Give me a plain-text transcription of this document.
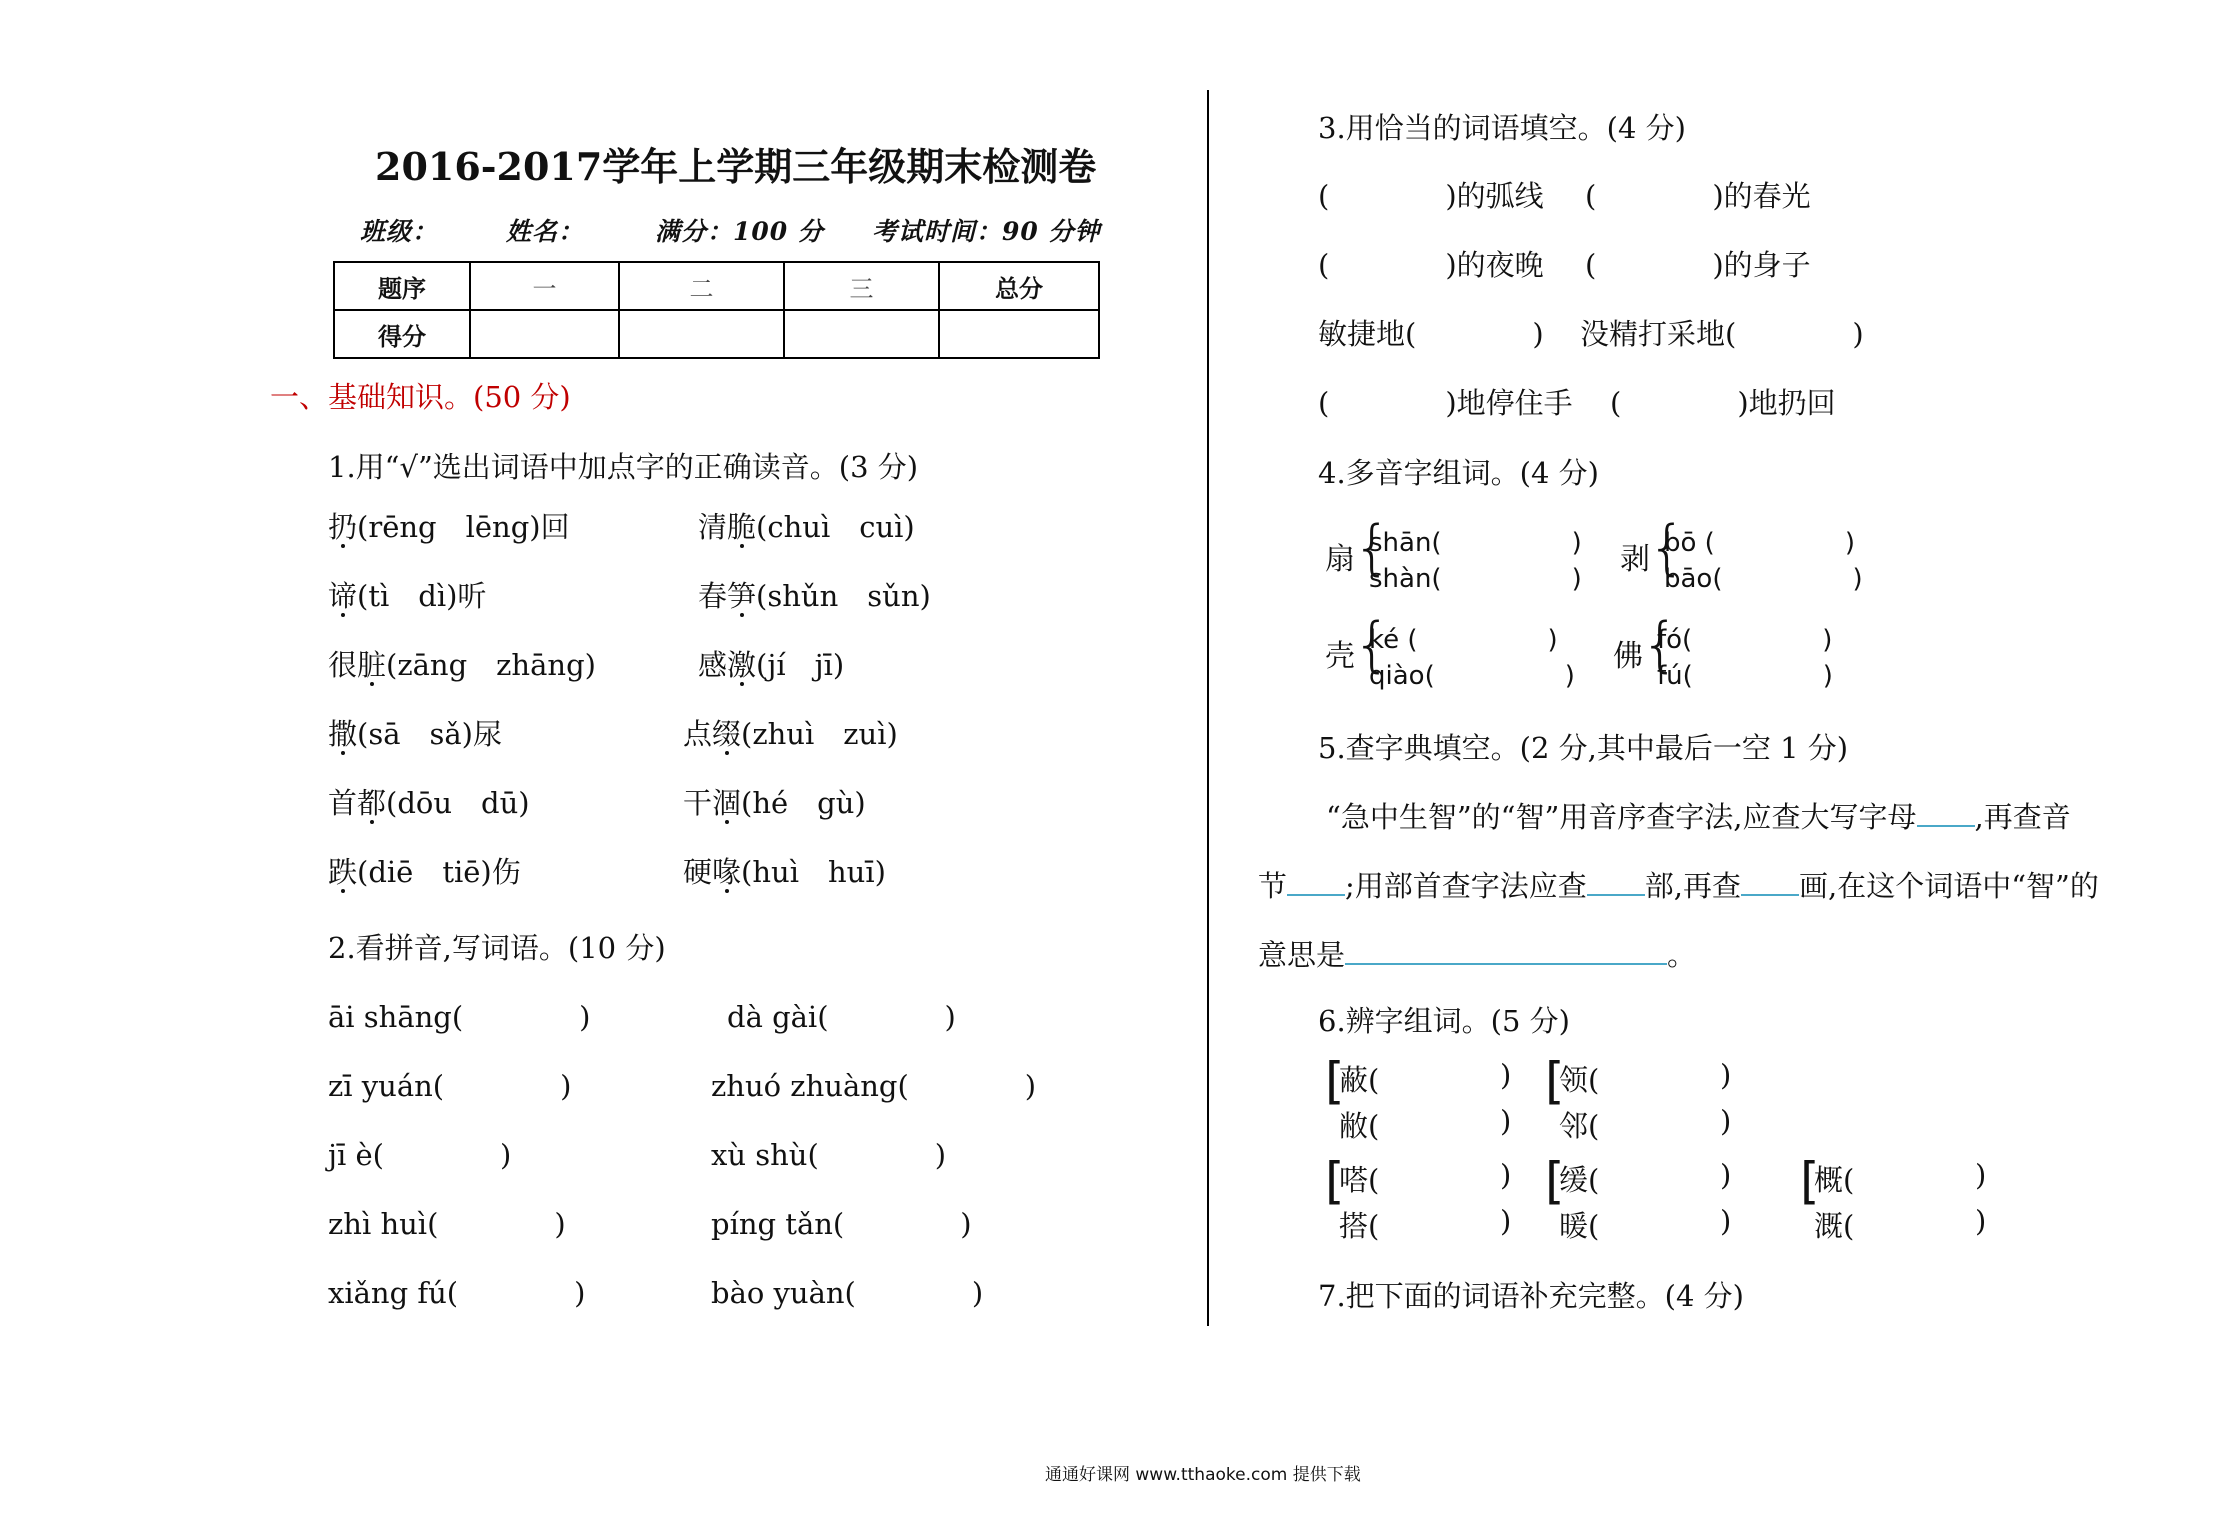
2016-2017学年上学期三年级期末检测卷
班级：	姓名：	满分：100 分 考试时间：90 分钟
题序	一	二	三	总分
得分				
一、基础知识。(50 分)
1.用“√”选出词语中加点字的正确读音。(3 分)
扔(rēng　lēng)回
谛(tì　dì)听
很脏(zāng　zhāng)
撒(sā　sǎ)尿
首都(dōu　dū)
跌(diē　tiē)伤
清脆(chuì　cuì)
春笋(shǔn　sǔn)
感激(jí　jī)
点缀(zhuì　zuì)
干涸(hé　gù)
硬喙(huì　huī)
2.看拼音,写词语。(10 分)
āi shāng(　　　　)
zī yuán(　　　　)
jī è(　　　　)
zhì huì(　　　　)
xiǎng fú(　　　　)
dà gài(　　　　)
zhuó zhuàng(　　　　)
xù shù(　　　　)
píng tǎn(　　　　)
bào yuàn(　　　　)
3.用恰当的词语填空。(4 分)
(　　　　)的弧线 (　　　　)的春光
(　　　　)的夜晚 (　　　　)的身子
敏捷地(　　　　) 没精打采地(　　　　)
(　　　　)地停住手 (　　　　)地扔回
4.多音字组词。(4 分)
扇
{
shān(　　　　　)
shàn(　　　　　)
剥
{
bō (　　　　　)
bāo(　　　　　)
壳
{
ké (　　　　　)
qiào(　　　　　)
佛
{
fó(　　　　　)
fú(　　　　　)
5.查字典填空。(2 分,其中最后一空 1 分)
“急中生智”的“智”用音序查字法,应查大写字母 ,再查音
节 ;用部首查字法应查 部,再查 画,在这个词语中“智”的
意思是	。
6.辨字组词。(5 分)
[
蔽(	)
敝(	)
[
领(	)
邻(	)
[
嗒(	)
搭(	)
[
缓(	)
暖(	)
[
概(	)
溉(	)
7.把下面的词语补充完整。(4 分)
通通好课网 www.tthaoke.com 提供下载
